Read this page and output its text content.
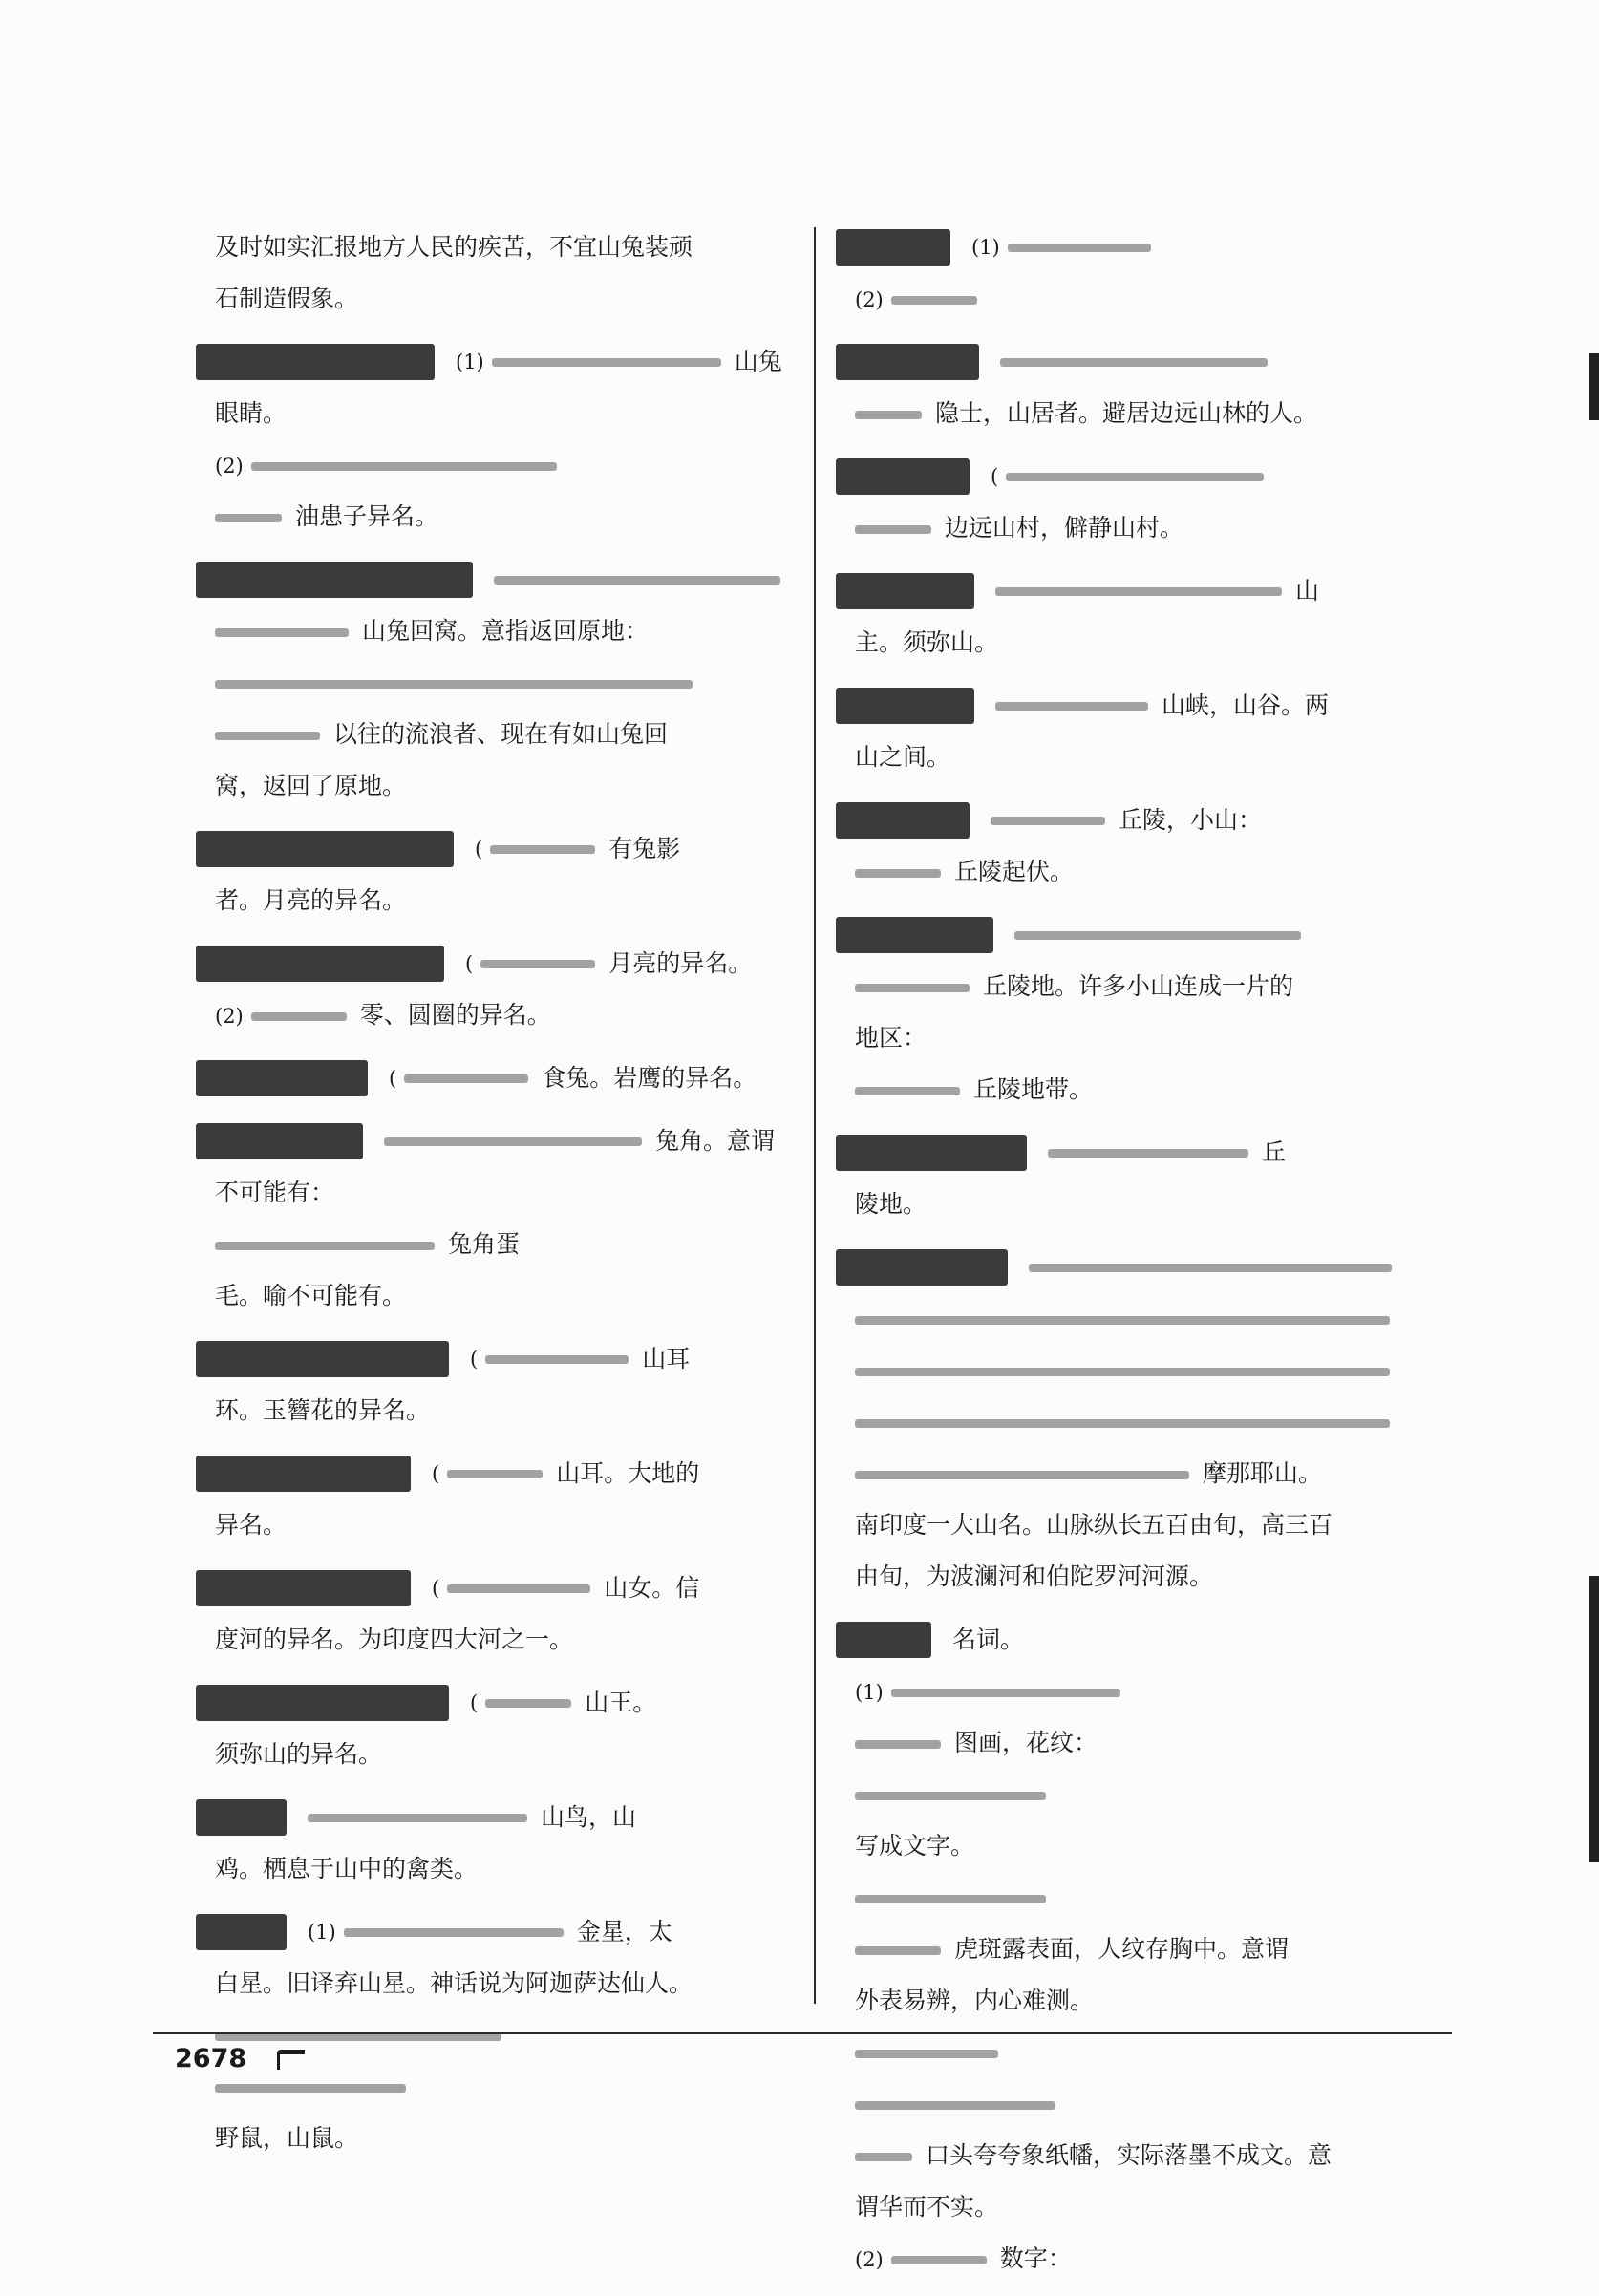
及时如实汇报地方人民的疾苦，不宜山兔装顽
石制造假象。
(1)	山兔
眼睛。
(2)
油患子异名。
山兔回窝。意指返回原地：
以往的流浪者、现在有如山兔回
窝，返回了原地。
(	有兔影
者。月亮的异名。
(	月亮的异名。
(2)	零、圆圈的异名。
(	食兔。岩鹰的异名。
兔角。意谓
不可能有：
兔角蛋
毛。喻不可能有。
(	山耳
环。玉簪花的异名。
(	山耳。大地的
异名。
(	山女。信
度河的异名。为印度四大河之一。
(	山王。
须弥山的异名。
山鸟，山
鸡。栖息于山中的禽类。
(1)	金星，太
白星。旧译弃山星。神话说为阿迦萨达仙人。
野鼠，山鼠。
(1)
(2)
隐士，山居者。避居边远山林的人。
(
边远山村，僻静山村。
山
主。须弥山。
山峡，山谷。两
山之间。
丘陵，小山：
丘陵起伏。
丘陵地。许多小山连成一片的
地区：
丘陵地带。
丘
陵地。
摩那耶山。
南印度一大山名。山脉纵长五百由旬，高三百
由旬，为波澜河和伯陀罗河河源。
名词。
(1)
图画，花纹：
写成文字。
虎斑露表面，人纹存胸中。意谓
外表易辨，内心难测。
口头夸夸象纸幡，实际落墨不成文。意
谓华而不实。
(2)	数字：
2678
